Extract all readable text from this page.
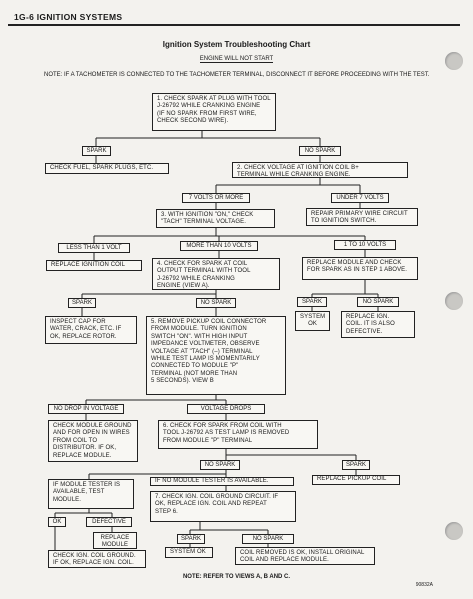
1G-6 IGNITION SYSTEMS
Ignition System Troubleshooting Chart
ENGINE WILL NOT START
NOTE: IF A TACHOMETER IS CONNECTED TO THE TACHOMETER TERMINAL, DISCONNECT IT BEFORE PROCEEDING WITH THE TEST.
1. CHECK SPARK AT PLUG WITH TOOL
J-26792 WHILE CRANKING ENGINE
(IF NO SPARK FROM FIRST WIRE,
CHECK SECOND WIRE).
SPARK	NO SPARK
CHECK FUEL, SPARK PLUGS, ETC.	2. CHECK VOLTAGE AT IGNITION COIL B+
TERMINAL WHILE CRANKING ENGINE.
7 VOLTS OR MORE	UNDER 7 VOLTS
3. WITH IGNITION "ON," CHECK
"TACH" TERMINAL VOLTAGE.
REPAIR PRIMARY WIRE CIRCUIT
TO IGNITION SWITCH.
LESS THAN 1 VOLT	MORE THAN 10 VOLTS	1 TO 10 VOLTS
REPLACE IGNITION COIL	4. CHECK FOR SPARK AT COIL
OUTPUT TERMINAL WITH TOOL
J-26792 WHILE CRANKING
ENGINE (VIEW A).
REPLACE MODULE AND CHECK
FOR SPARK AS IN STEP 1 ABOVE.
SPARK	NO SPARK	SPARK	NO SPARK
INSPECT CAP FOR
WATER, CRACK, ETC. IF
OK, REPLACE ROTOR.
5. REMOVE PICKUP COIL CONNECTOR
FROM MODULE. TURN IGNITION
SWITCH "ON". WITH HIGH INPUT
IMPEDANCE VOLTMETER, OBSERVE
VOLTAGE AT "TACH" (–) TERMINAL
WHILE TEST LAMP IS MOMENTARILY
CONNECTED TO MODULE "P"
TERMINAL (NOT MORE THAN
5 SECONDS). VIEW B
SYSTEM
OK
REPLACE IGN.
COIL. IT IS ALSO
DEFECTIVE.
NO DROP IN VOLTAGE	VOLTAGE DROPS
CHECK MODULE GROUND
AND FOR OPEN IN WIRES
FROM COIL TO
DISTRIBUTOR. IF OK,
REPLACE MODULE.
6. CHECK FOR SPARK FROM COIL WITH
TOOL J-26792 AS TEST LAMP IS REMOVED
FROM MODULE "P" TERMINAL
NO SPARK	SPARK
IF MODULE TESTER IS
AVAILABLE, TEST
MODULE.
IF NO MODULE TESTER IS AVAILABLE.	REPLACE PICKUP COIL
7. CHECK IGN. COIL GROUND CIRCUIT. IF
OK, REPLACE IGN. COIL AND REPEAT
STEP 6.
OK	DEFECTIVE
REPLACE
MODULE
SPARK	NO SPARK
SYSTEM OK	COIL REMOVED IS OK, INSTALL ORIGINAL
COIL AND REPLACE MODULE.
CHECK IGN. COIL GROUND.
IF OK, REPLACE IGN. COIL.
NOTE: REFER TO VIEWS A, B AND C.
90832A
